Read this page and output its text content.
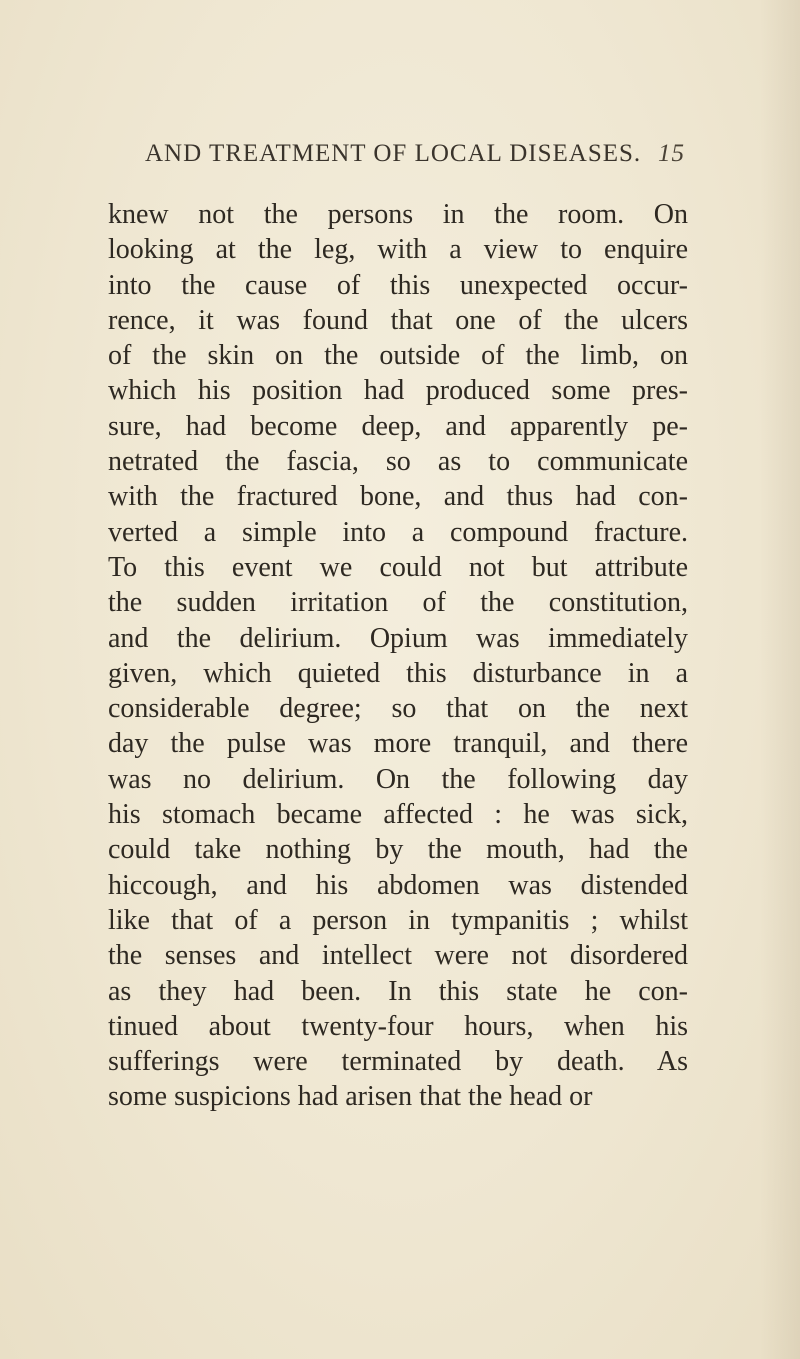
AND TREATMENT OF LOCAL DISEASES. 15
knew not the persons in the room. On
looking at the leg, with a view to enquire
into the cause of this unexpected occur-
rence, it was found that one of the ulcers
of the skin on the outside of the limb, on
which his position had produced some pres-
sure, had become deep, and apparently pe-
netrated the fascia, so as to communicate
with the fractured bone, and thus had con-
verted a simple into a compound fracture.
To this event we could not but attribute
the sudden irritation of the constitution,
and the delirium. Opium was immediately
given, which quieted this disturbance in a
considerable degree; so that on the next
day the pulse was more tranquil, and there
was no delirium. On the following day
his stomach became affected : he was sick,
could take nothing by the mouth, had the
hiccough, and his abdomen was distended
like that of a person in tympanitis ; whilst
the senses and intellect were not disordered
as they had been. In this state he con-
tinued about twenty-four hours, when his
sufferings were terminated by death. As
some suspicions had arisen that the head or
